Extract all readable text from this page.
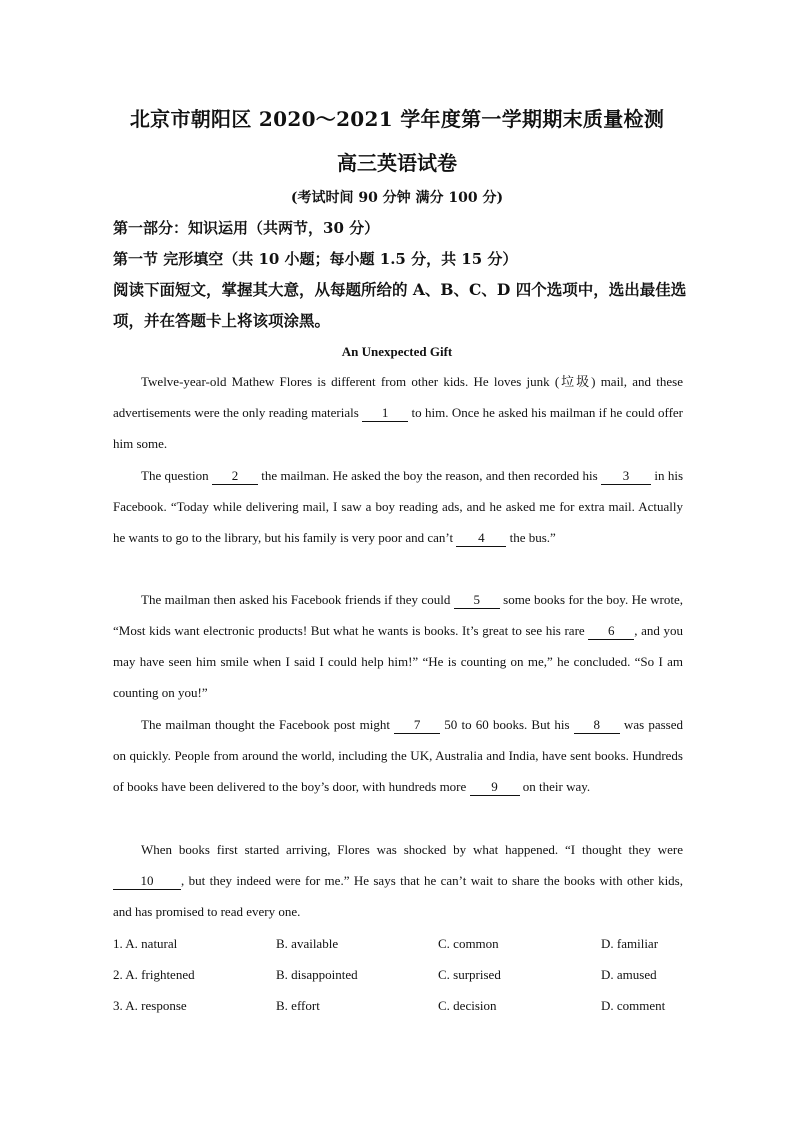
北京市朝阳区 2020～2021 学年度第一学期期末质量检测
高三英语试卷
(考试时间 90 分钟 满分 100 分)
第一部分：知识运用（共两节，30 分）
第一节 完形填空（共 10 小题；每小题 1.5 分，共 15 分）
阅读下面短文，掌握其大意，从每题所给的 A、B、C、D 四个选项中，选出最佳选项，并在答题卡上将该项涂黑。
An Unexpected Gift

Twelve-year-old Mathew Flores is different from other kids. He loves junk (垃圾) mail, and these advertisements were the only reading materials 1 to him. Once he asked his mailman if he could offer him some.

The question 2 the mailman. He asked the boy the reason, and then recorded his 3 in his Facebook. “Today while delivering mail, I saw a boy reading ads, and he asked me for extra mail. Actually he wants to go to the library, but his family is very poor and can’t 4 the bus.”

The mailman then asked his Facebook friends if they could 5 some books for the boy. He wrote, “Most kids want electronic products! But what he wants is books. It’s great to see his rare 6 , and you may have seen him smile when I said I could help him!” “He is counting on me,” he concluded. “So I am counting on you!”

The mailman thought the Facebook post might 7 50 to 60 books. But his 8 was passed on quickly. People from around the world, including the UK, Australia and India, have sent books. Hundreds of books have been delivered to the boy’s door, with hundreds more 9 on their way.

When books first started arriving, Flores was shocked by what happened. “I thought they were 10 , but they indeed were for me.” He says that he can’t wait to share the books with other kids, and has promised to read every one.

1. A. natural	B. available	C. common	D. familiar
2. A. frightened	B. disappointed	C. surprised	D. amused
3. A. response	B. effort	C. decision	D. comment
